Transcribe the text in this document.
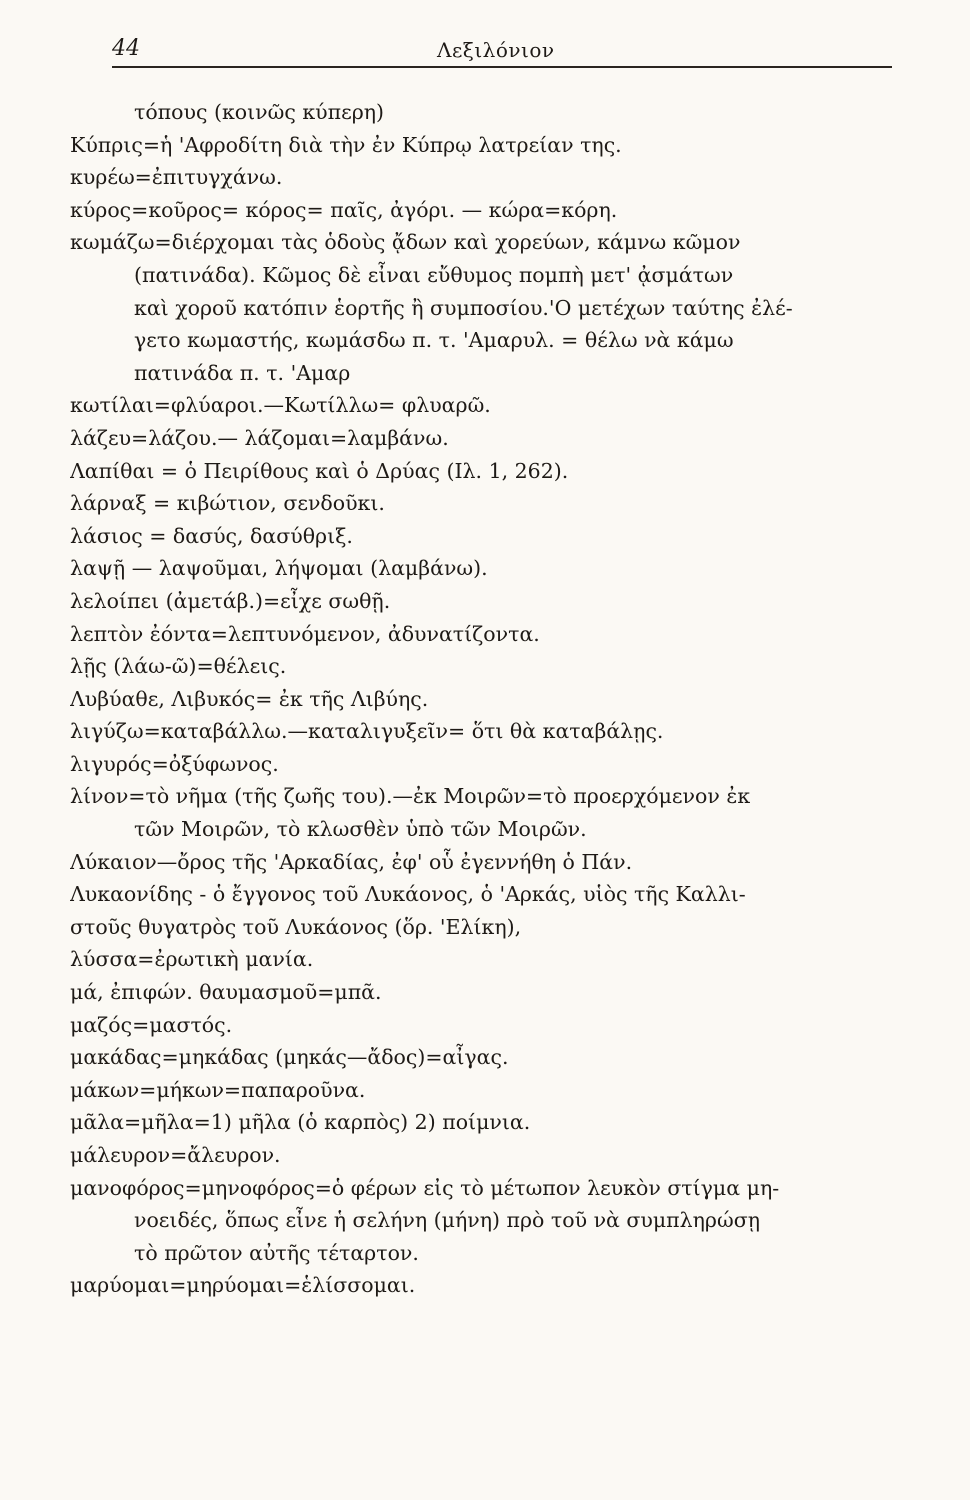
44	Λεξιλόνιον
τόπους (κοινῶς κύπερη)
Κύπρις=ἡ 'Αφροδίτη διὰ τὴν ἐν Κύπρῳ λατρείαν της.
κυρέω=ἐπιτυγχάνω.
κύρος=κοῦρος= κόρος= παῖς, ἀγόρι. — κώρα=κόρη.
κωμάζω=διέρχομαι τὰς ὁδοὺς ᾄδων καὶ χορεύων, κάμνω κῶμον
(πατινάδα). Κῶμος δὲ εἶναι εὔθυμος πομπὴ μετ' ᾀσμάτων
καὶ χοροῦ κατόπιν ἑορτῆς ἢ συμποσίου.'Ο μετέχων ταύτης ἐλέ-
γετο κωμαστής, κωμάσδω π. τ. 'Αμαρυλ. = θέλω νὰ κάμω
πατινάδα π. τ. 'Αμαρ
κωτίλαι=φλύαροι.—Κωτίλλω= φλυαρῶ.
λάζευ=λάζου.— λάζομαι=λαμβάνω.
Λαπίθαι = ὁ Πειρίθους καὶ ὁ Δρύας (Ιλ. 1, 262).
λάρναξ = κιβώτιον, σενδοῦκι.
λάσιος = δασύς, δασύθριξ.
λαψῇ — λαψοῦμαι, λήψομαι (λαμβάνω).
λελοίπει (ἀμετάβ.)=εἶχε σωθῇ.
λεπτὸν ἐόντα=λεπτυνόμενον, ἀδυνατίζοντα.
λῇς (λάω-ῶ)=θέλεις.
Λυβύαθε, Λιβυκός= ἐκ τῆς Λιβύης.
λιγύζω=καταβάλλω.—καταλιγυξεῖν= ὅτι θὰ καταβάλῃς.
λιγυρός=ὀξύφωνος.
λίνον=τὸ νῆμα (τῆς ζωῆς του).—ἐκ Μοιρῶν=τὸ προερχόμενον ἐκ
τῶν Μοιρῶν, τὸ κλωσθὲν ὑπὸ τῶν Μοιρῶν.
Λύκαιον—ὄρος τῆς 'Αρκαδίας, ἐφ' οὗ ἐγεννήθη ὁ Πάν.
Λυκαονίδης - ὁ ἔγγονος τοῦ Λυκάονος, ὁ 'Αρκάς, υἱὸς τῆς Καλλι-
στοῦς θυγατρὸς τοῦ Λυκάονος (ὅρ. 'Ελίκη),
λύσσα=ἐρωτικὴ μανία.
μά, ἐπιφών. θαυμασμοῦ=μπᾶ.
μαζός=μαστός.
μακάδας=μηκάδας (μηκάς—ἄδος)=αἶγας.
μάκων=μήκων=παπαροῦνα.
μᾶλα=μῆλα=1) μῆλα (ὁ καρπὸς) 2) ποίμνια.
μάλευρον=ἄλευρον.
μανοφόρος=μηνοφόρος=ὁ φέρων εἰς τὸ μέτωπον λευκὸν στίγμα μη-
νοειδές, ὅπως εἶνε ἡ σελήνη (μήνη) πρὸ τοῦ νὰ συμπληρώσῃ
τὸ πρῶτον αὐτῆς τέταρτον.
μαρύομαι=μηρύομαι=ἑλίσσομαι.
